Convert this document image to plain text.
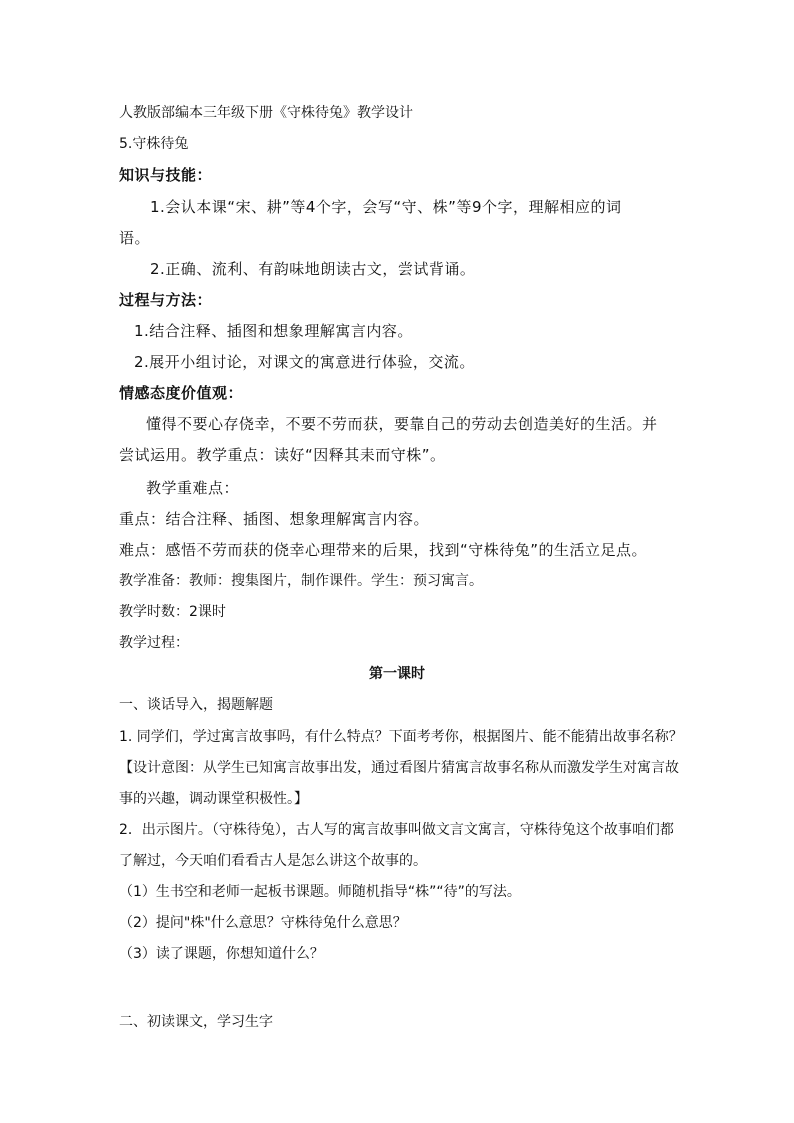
人教版部编本三年级下册《守株待兔》教学设计
5.守株待兔
知识与技能：
1.会认本课“宋、耕”等4个字，会写“守、株”等9个字，理解相应的词
语。
2.正确、流利、有韵味地朗读古文，尝试背诵。
过程与方法：
1.结合注释、插图和想象理解寓言内容。
2.展开小组讨论，对课文的寓意进行体验，交流。
情感态度价值观：
懂得不要心存侥幸，不要不劳而获，要靠自己的劳动去创造美好的生活。并
尝试运用。教学重点：读好“因释其耒而守株”。
教学重难点：
重点：结合注释、插图、想象理解寓言内容。
难点：感悟不劳而获的侥幸心理带来的后果，找到“守株待兔”的生活立足点。
教学准备：教师：搜集图片，制作课件。学生：预习寓言。
教学时数：2课时
教学过程：
第一课时
一、谈话导入，揭题解题
1. 同学们，学过寓言故事吗，有什么特点？下面考考你，根据图片、能不能猜出故事名称？
【设计意图：从学生已知寓言故事出发，通过看图片猜寓言故事名称从而激发学生对寓言故
事的兴趣，调动课堂积极性。】
2．出示图片。（守株待兔），古人写的寓言故事叫做文言文寓言，守株待兔这个故事咱们都
了解过，今天咱们看看古人是怎么讲这个故事的。
（1）生书空和老师一起板书课题。师随机指导“株”“待”的写法。
（2）提问"株"什么意思？守株待兔什么意思？
（3）读了课题，你想知道什么？
二、初读课文，学习生字
